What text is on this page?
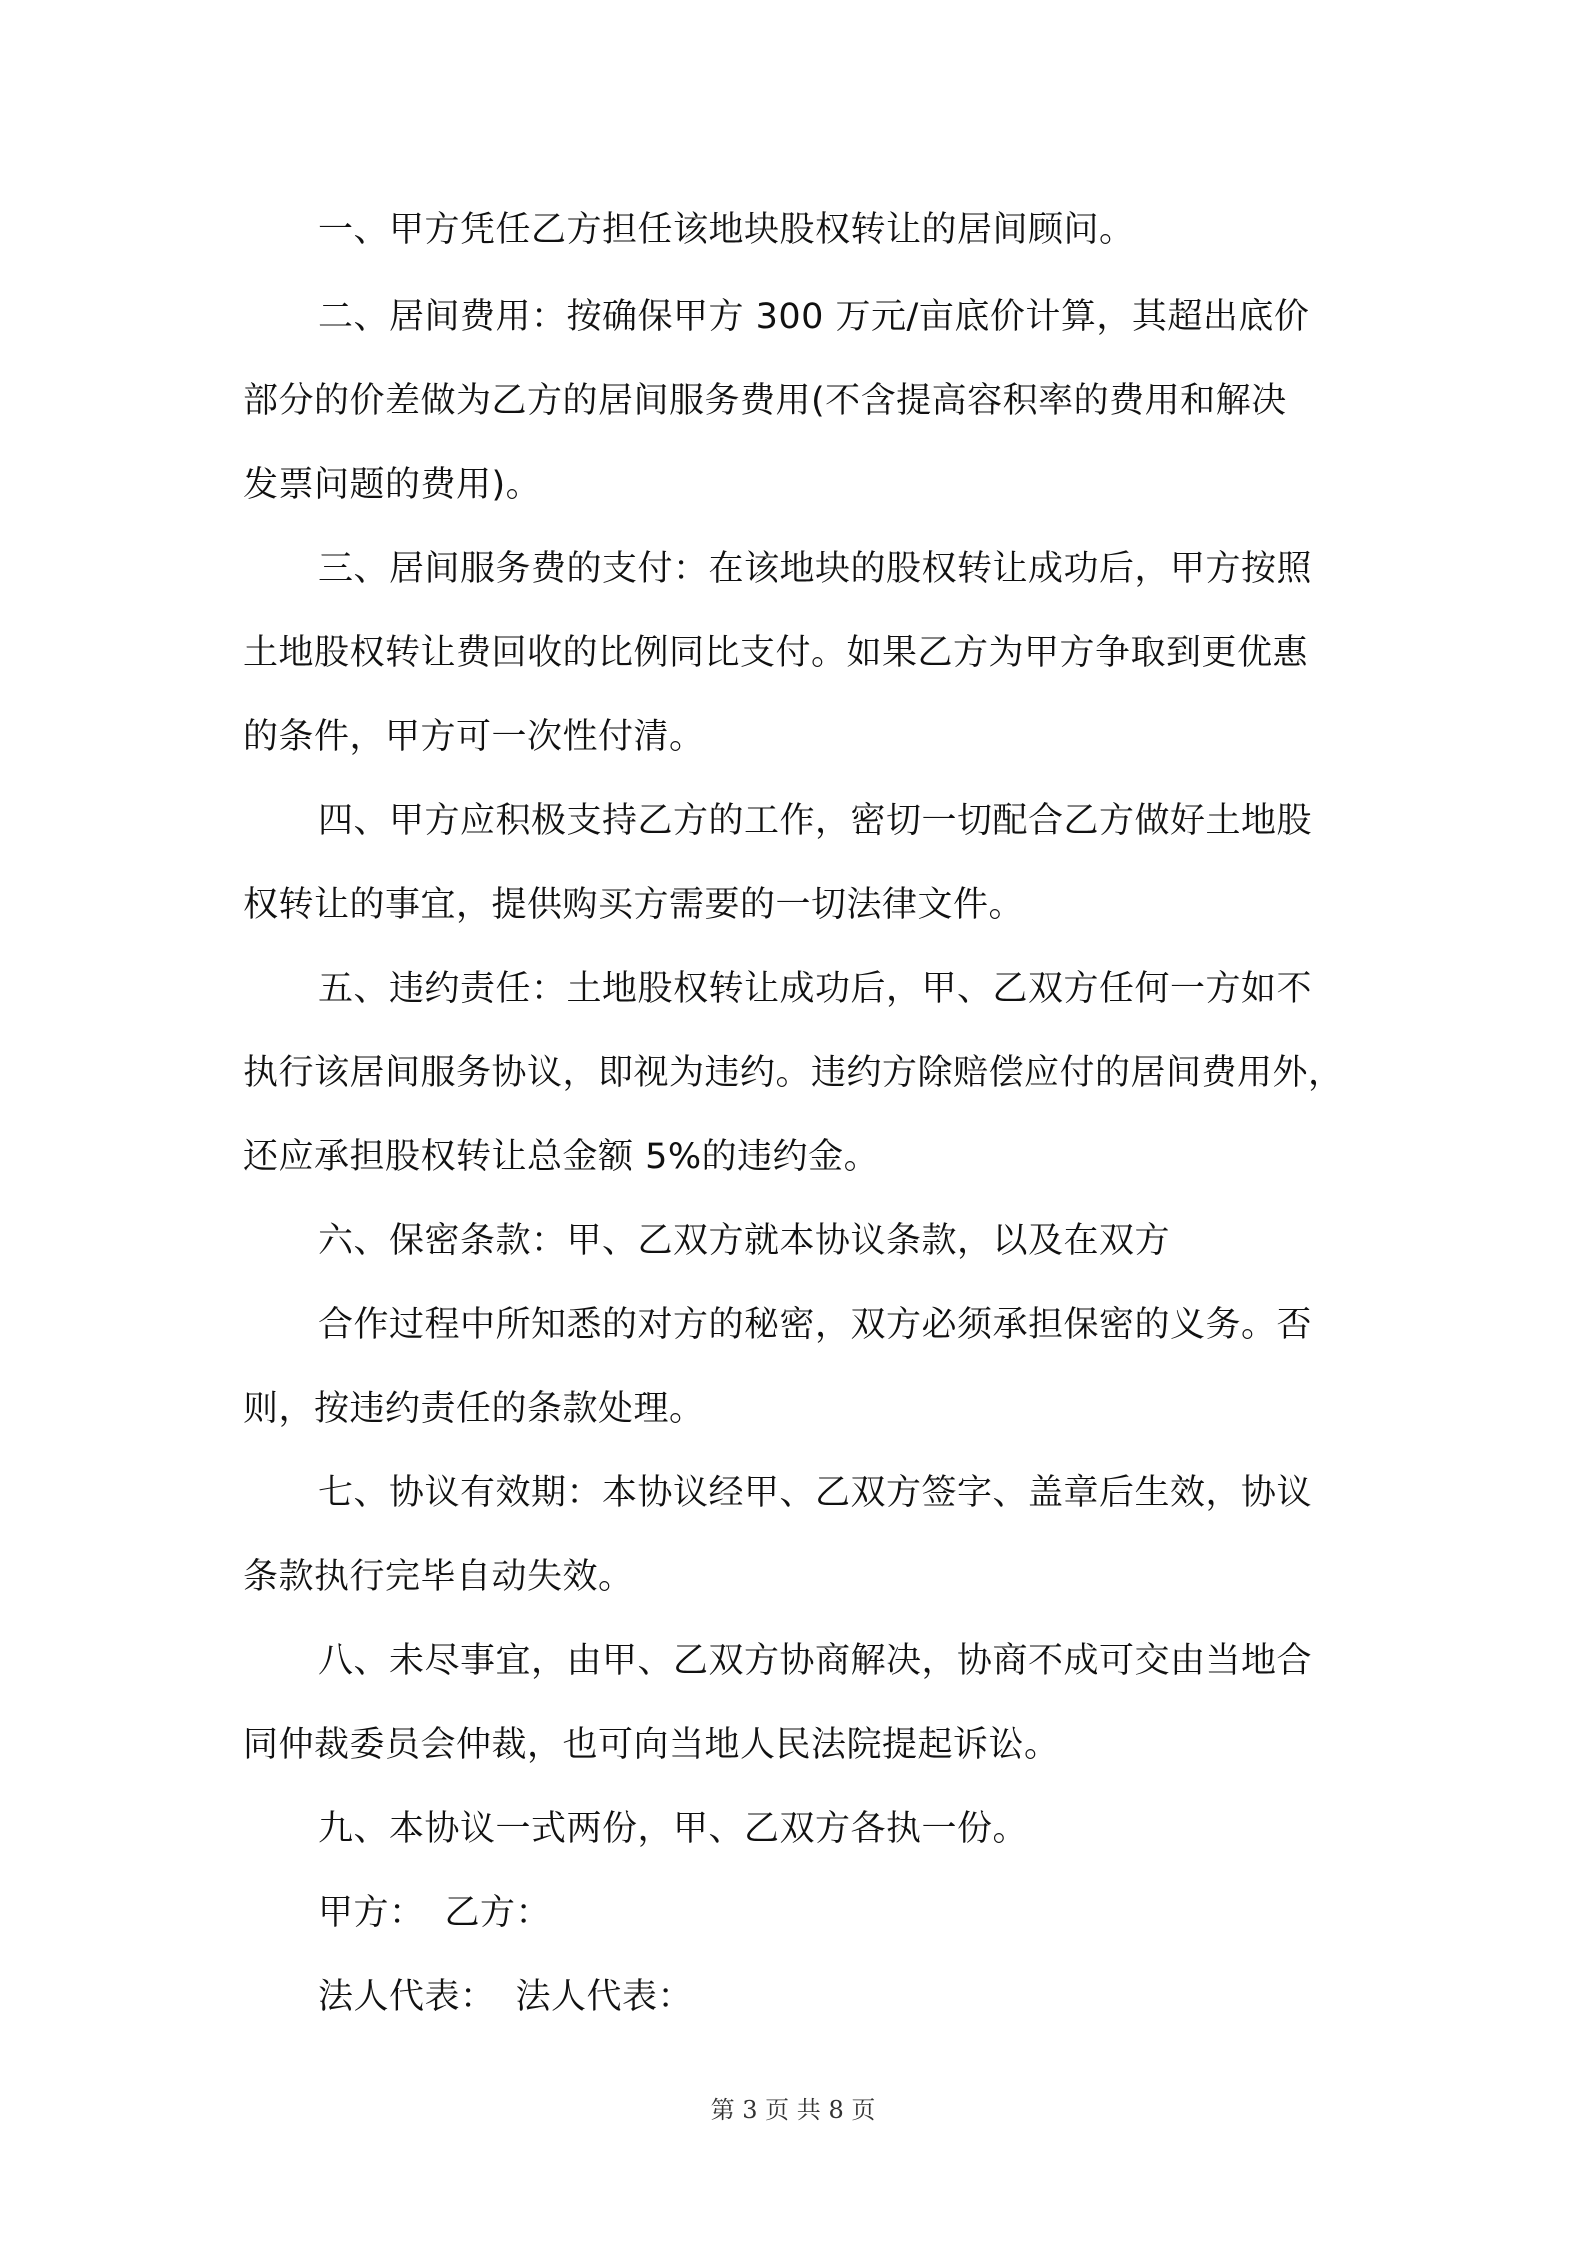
一、甲方凭任乙方担任该地块股权转让的居间顾问。
二、居间费用：按确保甲方 300 万元/亩底价计算，其超出底价
部分的价差做为乙方的居间服务费用(不含提高容积率的费用和解决
发票问题的费用)。
三、居间服务费的支付：在该地块的股权转让成功后，甲方按照
土地股权转让费回收的比例同比支付。如果乙方为甲方争取到更优惠
的条件，甲方可一次性付清。
四、甲方应积极支持乙方的工作，密切一切配合乙方做好土地股
权转让的事宜，提供购买方需要的一切法律文件。
五、违约责任：土地股权转让成功后，甲、乙双方任何一方如不
执行该居间服务协议，即视为违约。违约方除赔偿应付的居间费用外，
还应承担股权转让总金额 5%的违约金。
六、保密条款：甲、乙双方就本协议条款，以及在双方
合作过程中所知悉的对方的秘密，双方必须承担保密的义务。否
则，按违约责任的条款处理。
七、协议有效期：本协议经甲、乙双方签字、盖章后生效，协议
条款执行完毕自动失效。
八、未尽事宜，由甲、乙双方协商解决，协商不成可交由当地合
同仲裁委员会仲裁，也可向当地人民法院提起诉讼。
九、本协议一式两份，甲、乙双方各执一份。
甲方： 乙方：
法人代表： 法人代表：
第 3 页 共 8 页
